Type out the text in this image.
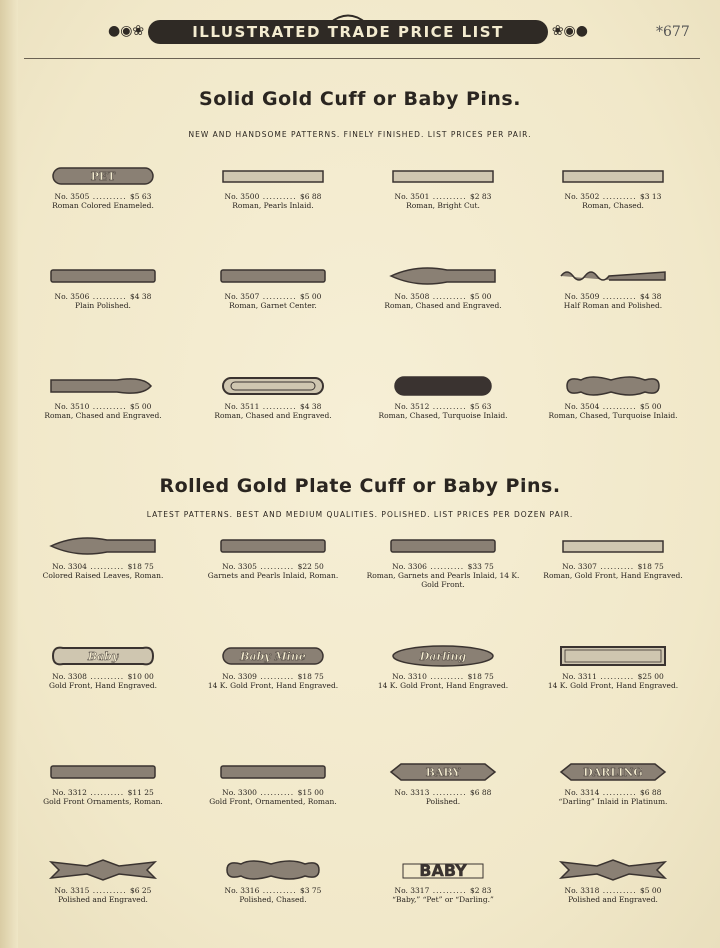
●◉❀	ILLUSTRATED TRADE PRICE LIST	❀◉●	*677
Solid Gold Cuff or Baby Pins.
NEW AND HANDSOME PATTERNS. FINELY FINISHED. LIST PRICES PER PAIR.
Rolled Gold Plate Cuff or Baby Pins.
LATEST PATTERNS. BEST AND MEDIUM QUALITIES. POLISHED. LIST PRICES PER DOZEN PAIR.
PET
No. 3505 .......... $5 63
Roman Colored Enameled.
No. 3500 .......... $6 88
Roman, Pearls Inlaid.
No. 3501 .......... $2 83
Roman, Bright Cut.
No. 3502 .......... $3 13
Roman, Chased.
No. 3506 .......... $4 38
Plain Polished.
No. 3507 .......... $5 00
Roman, Garnet Center.
No. 3508 .......... $5 00
Roman, Chased and Engraved.
No. 3509 .......... $4 38
Half Roman and Polished.
No. 3510 .......... $5 00
Roman, Chased and Engraved.
No. 3511 .......... $4 38
Roman, Chased and Engraved.
No. 3512 .......... $5 63
Roman, Chased, Turquoise Inlaid.
No. 3504 .......... $5 00
Roman, Chased, Turquoise Inlaid.
No. 3304 .......... $18 75
Colored Raised Leaves, Roman.
No. 3305 .......... $22 50
Garnets and Pearls Inlaid, Roman.
No. 3306 .......... $33 75
Roman, Garnets and Pearls Inlaid, 14 K. Gold Front.
No. 3307 .......... $18 75
Roman, Gold Front, Hand Engraved.
Baby
No. 3308 .......... $10 00
Gold Front, Hand Engraved.
Baby Mine
No. 3309 .......... $18 75
14 K. Gold Front, Hand Engraved.
Darling
No. 3310 .......... $18 75
14 K. Gold Front, Hand Engraved.
No. 3311 .......... $25 00
14 K. Gold Front, Hand Engraved.
No. 3312 .......... $11 25
Gold Front Ornaments, Roman.
No. 3300 .......... $15 00
Gold Front, Ornamented, Roman.
BABY
No. 3313 .......... $6 88
Polished.
DARLING
No. 3314 .......... $6 88
“Darling” Inlaid in Platinum.
No. 3315 .......... $6 25
Polished and Engraved.
No. 3316 .......... $3 75
Polished, Chased.
BABY
No. 3317 .......... $2 83
“Baby,” “Pet” or “Darling.”
No. 3318 .......... $5 00
Polished and Engraved.
